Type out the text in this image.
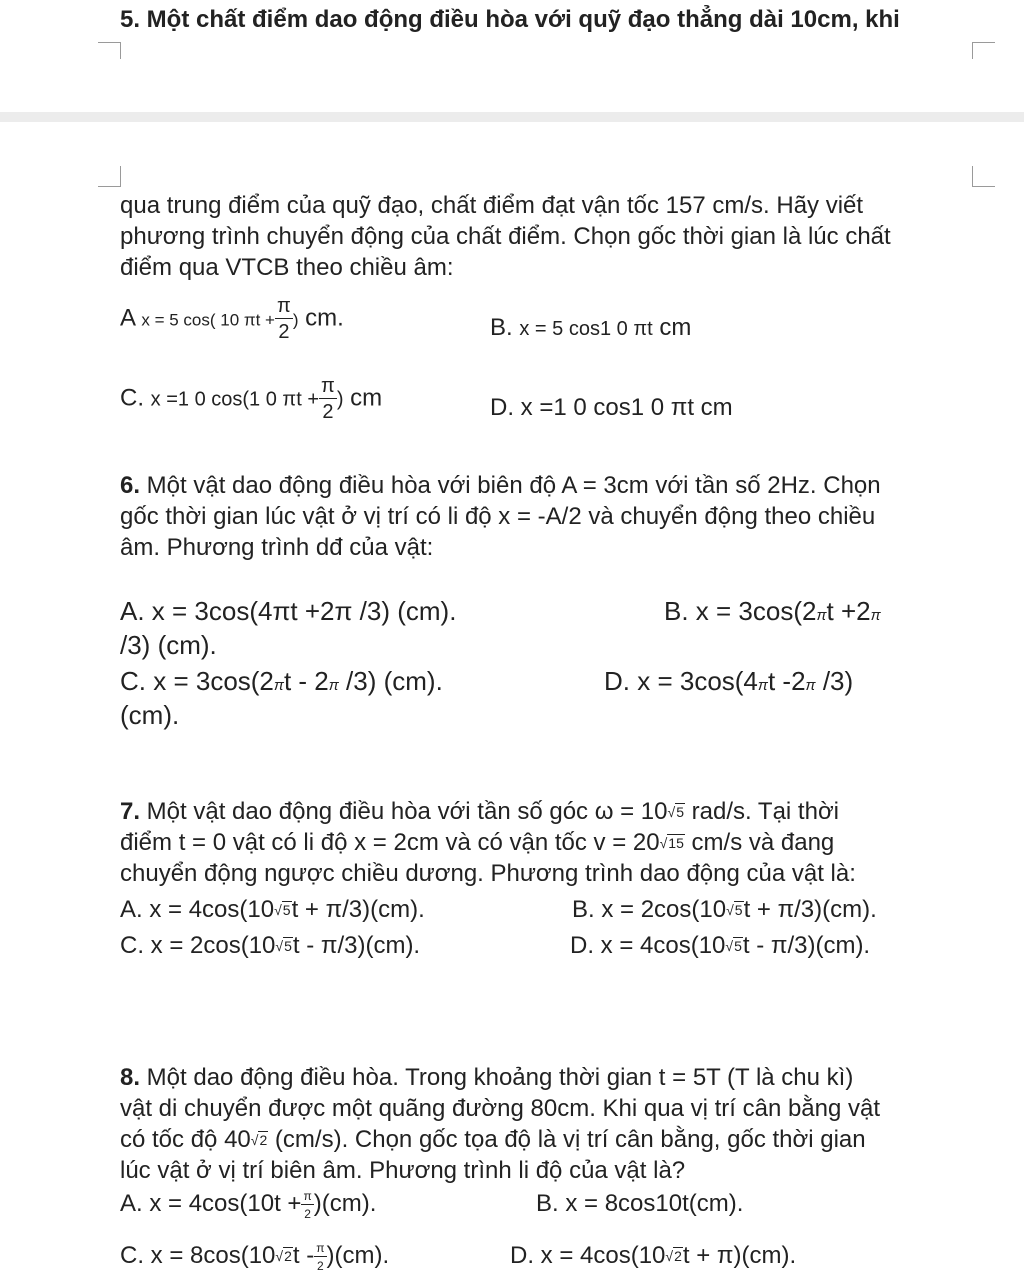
5. Một chất điểm dao động điều hòa với quỹ đạo thẳng dài 10cm, khi
qua trung điểm của quỹ đạo, chất điểm đạt vận tốc 157 cm/s. Hãy viết
phương trình chuyển động của chất điểm. Chọn gốc thời gian là lúc chất
điểm qua VTCB theo chiều âm:
A x = 5 cos( 10 $\pi t + \frac{\pi}{2}$ ) cm.	B. x = 5 cos1 0 πt cm
C. x =1 0 cos(1 0 $\pi t + \frac{\pi}{2}$ ) cm	D. x =1 0 cos1 0 πt cm
6. Một vật dao động điều hòa với biên độ A = 3cm với tần số 2Hz. Chọn
gốc thời gian lúc vật ở vị trí có li độ x = -A/2 và chuyển động theo chiều
âm. Phương trình dđ của vật:
A. x = 3cos(4πt +2π /3) (cm).	B. x = 3cos(2πt +2π
/3) (cm).
C. x = 3cos(2πt - 2π /3) (cm).	D. x = 3cos(4πt -2π /3)
(cm).
7. Một vật dao động điều hòa với tần số góc ω = 10√5 rad/s. Tại thời
điểm t = 0 vật có li độ x = 2cm và có vận tốc v = 20√15 cm/s và đang
chuyển động ngược chiều dương. Phương trình dao động của vật là:
A. x = 4cos(10√5t + π/3)(cm).	B. x = 2cos(10√5t + π/3)(cm).
C. x = 2cos(10√5t - π/3)(cm).	D. x = 4cos(10√5t - π/3)(cm).
8. Một dao động điều hòa. Trong khoảng thời gian t = 5T (T là chu kì)
vật di chuyển được một quãng đường 80cm. Khi qua vị trí cân bằng vật
có tốc độ 40√2 (cm/s). Chọn gốc tọa độ là vị trí cân bằng, gốc thời gian
lúc vật ở vị trí biên âm. Phương trình li độ của vật là?
A. $x = 4\cos(10t + \frac{\pi}{2} )(cm)$.	B. x = 8cos10t(cm).
C. $x = 8\cos(10√2t - \frac{\pi}{2} )(cm)$.	D. x = 4cos(10√2t + π)(cm).
